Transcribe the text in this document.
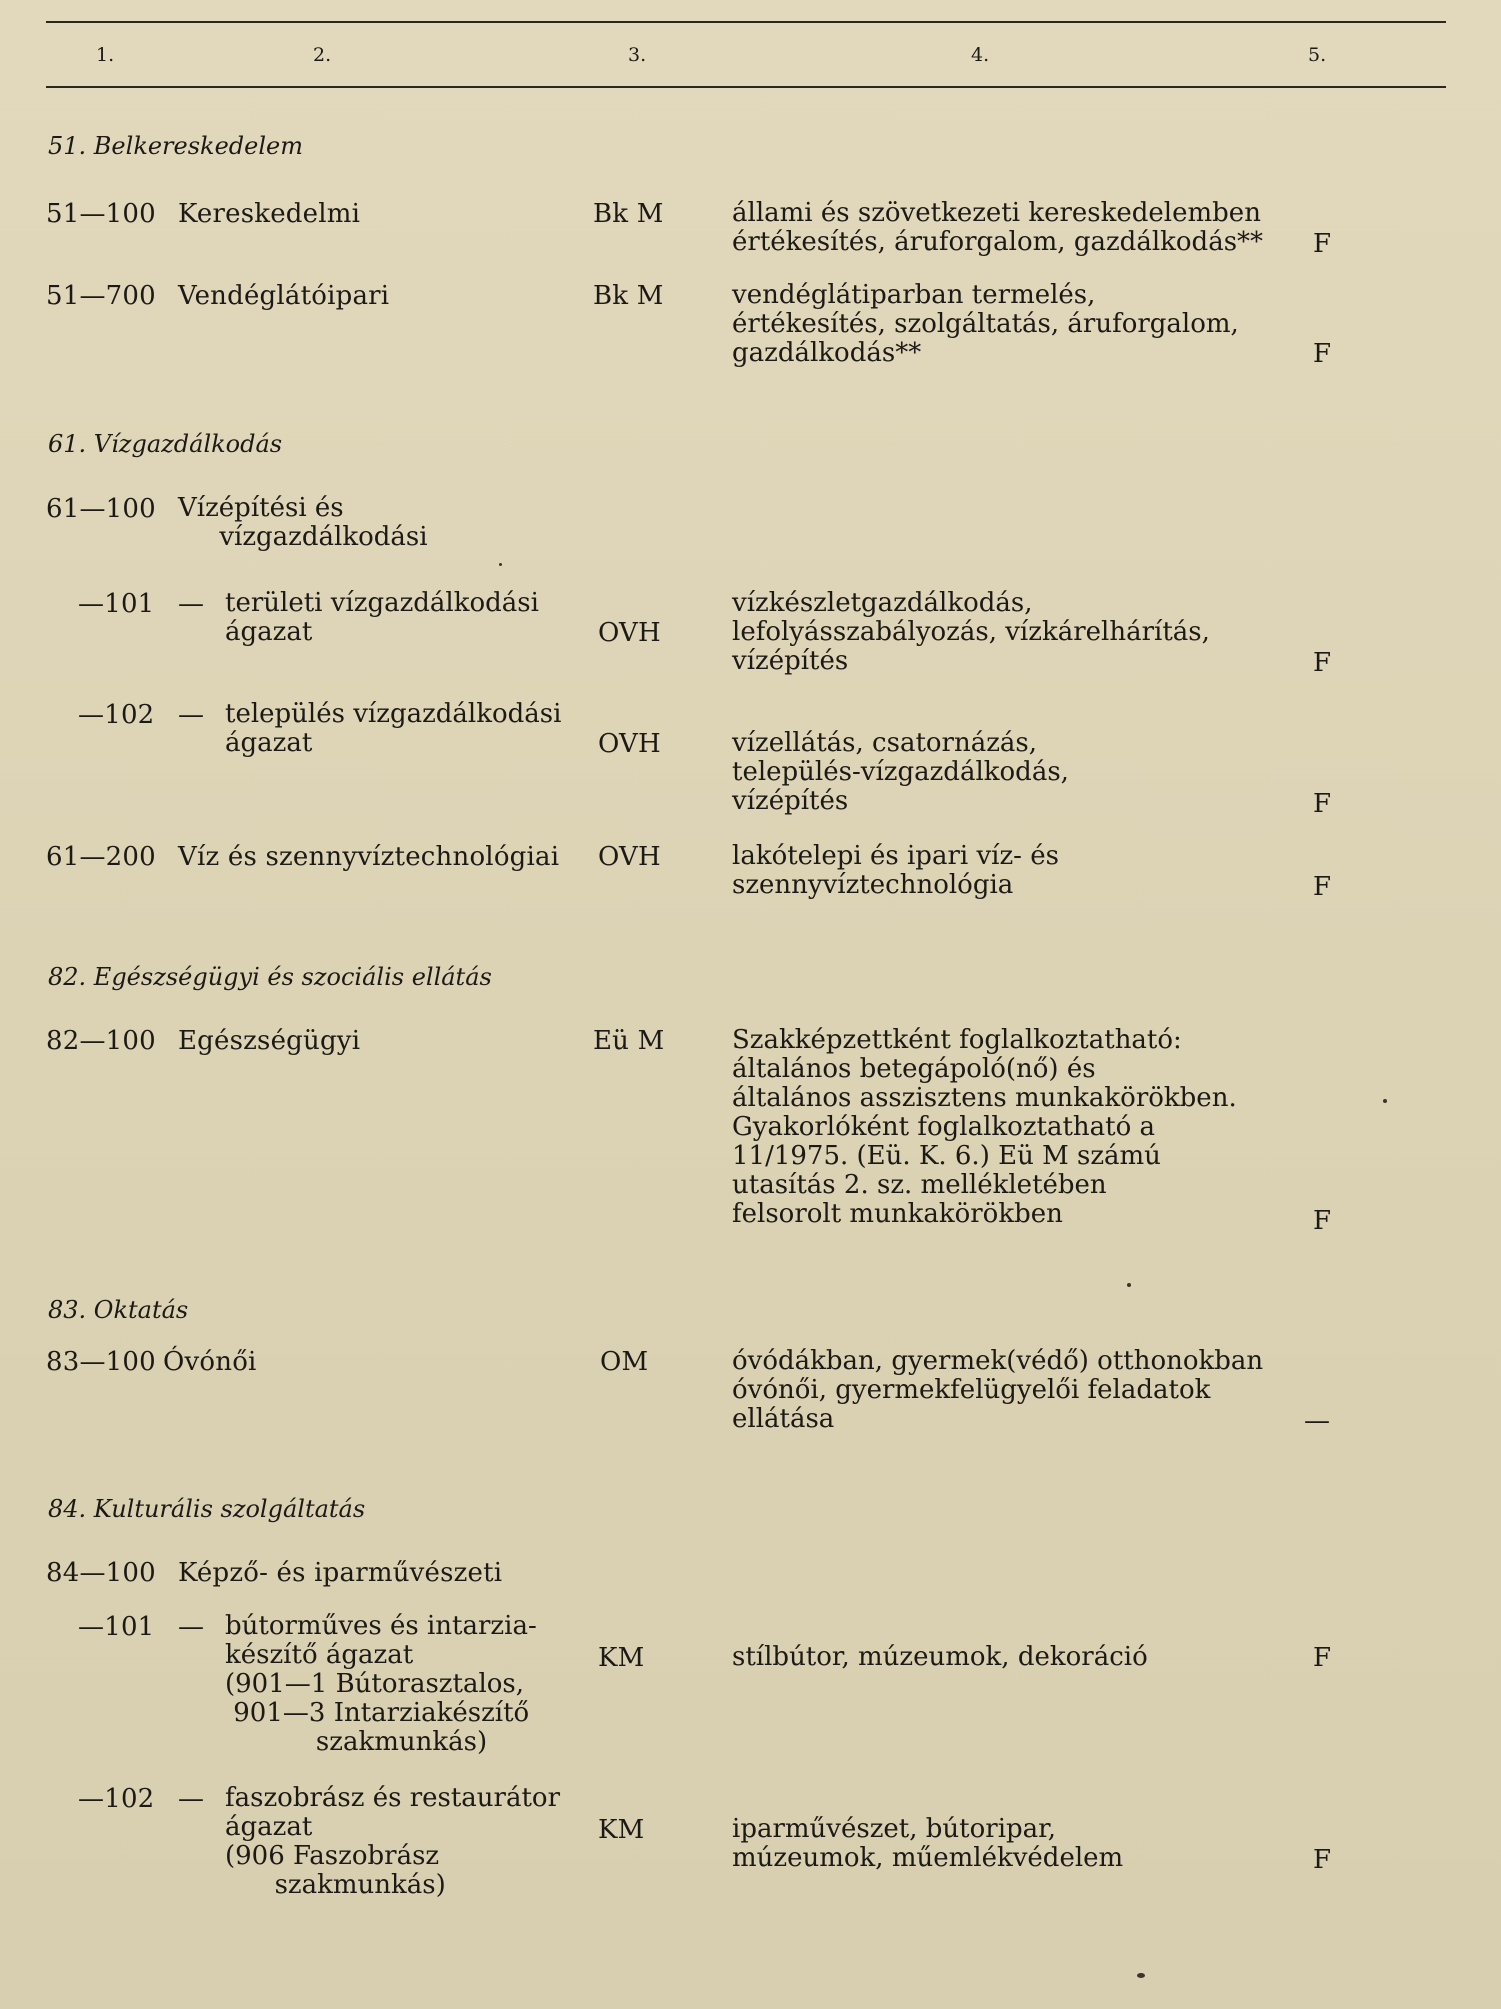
1.	2.	3.	4.	5.
51. Belkereskedelem
51—100 Kereskedelmi	Bk M	állami és szövetkezeti kereskedelemben
értékesítés, áruforgalom, gazdálkodás** F
51—700 Vendéglátóipari	Bk M	vendéglátiparban termelés,
értékesítés, szolgáltatás, áruforgalom,
gazdálkodás**	F
61. Vízgazdálkodás
61—100 Vízépítési és
vízgazdálkodási
—101 — területi vízgazdálkodási
ágazat	OVH
vízkészletgazdálkodás,
lefolyásszabályozás, vízkárelhárítás,
vízépítés	F
—102 — település vízgazdálkodási
ágazat	OVH	vízellátás, csatornázás,
település-vízgazdálkodás,
vízépítés	F
61—200 Víz és szennyvíztechnológiai OVH	lakótelepi és ipari víz- és
szennyvíztechnológia	F
82. Egészségügyi és szociális ellátás
82—100 Egészségügyi	Eü M	Szakképzettként foglalkoztatható:
általános betegápoló(nő) és
általános asszisztens munkakörökben.
Gyakorlóként foglalkoztatható a
11/1975. (Eü. K. 6.) Eü M számú
utasítás 2. sz. mellékletében
felsorolt munkakörökben	F
83. Oktatás
83—100 Óvónői	OM	óvódákban, gyermek(védő) otthonokban
óvónői, gyermekfelügyelői feladatok
ellátása	—
84. Kulturális szolgáltatás
84—100 Képző- és iparművészeti
—101 — bútorműves és intarzia-
készítő ágazat
(901—1 Bútorasztalos,
901—3 Intarziakészítő
szakmunkás)
KM	stílbútor, múzeumok, dekoráció	F
—102 — faszobrász és restaurátor
ágazat
(906 Faszobrász
szakmunkás)
KM	iparművészet, bútoripar,
múzeumok, műemlékvédelem	F
